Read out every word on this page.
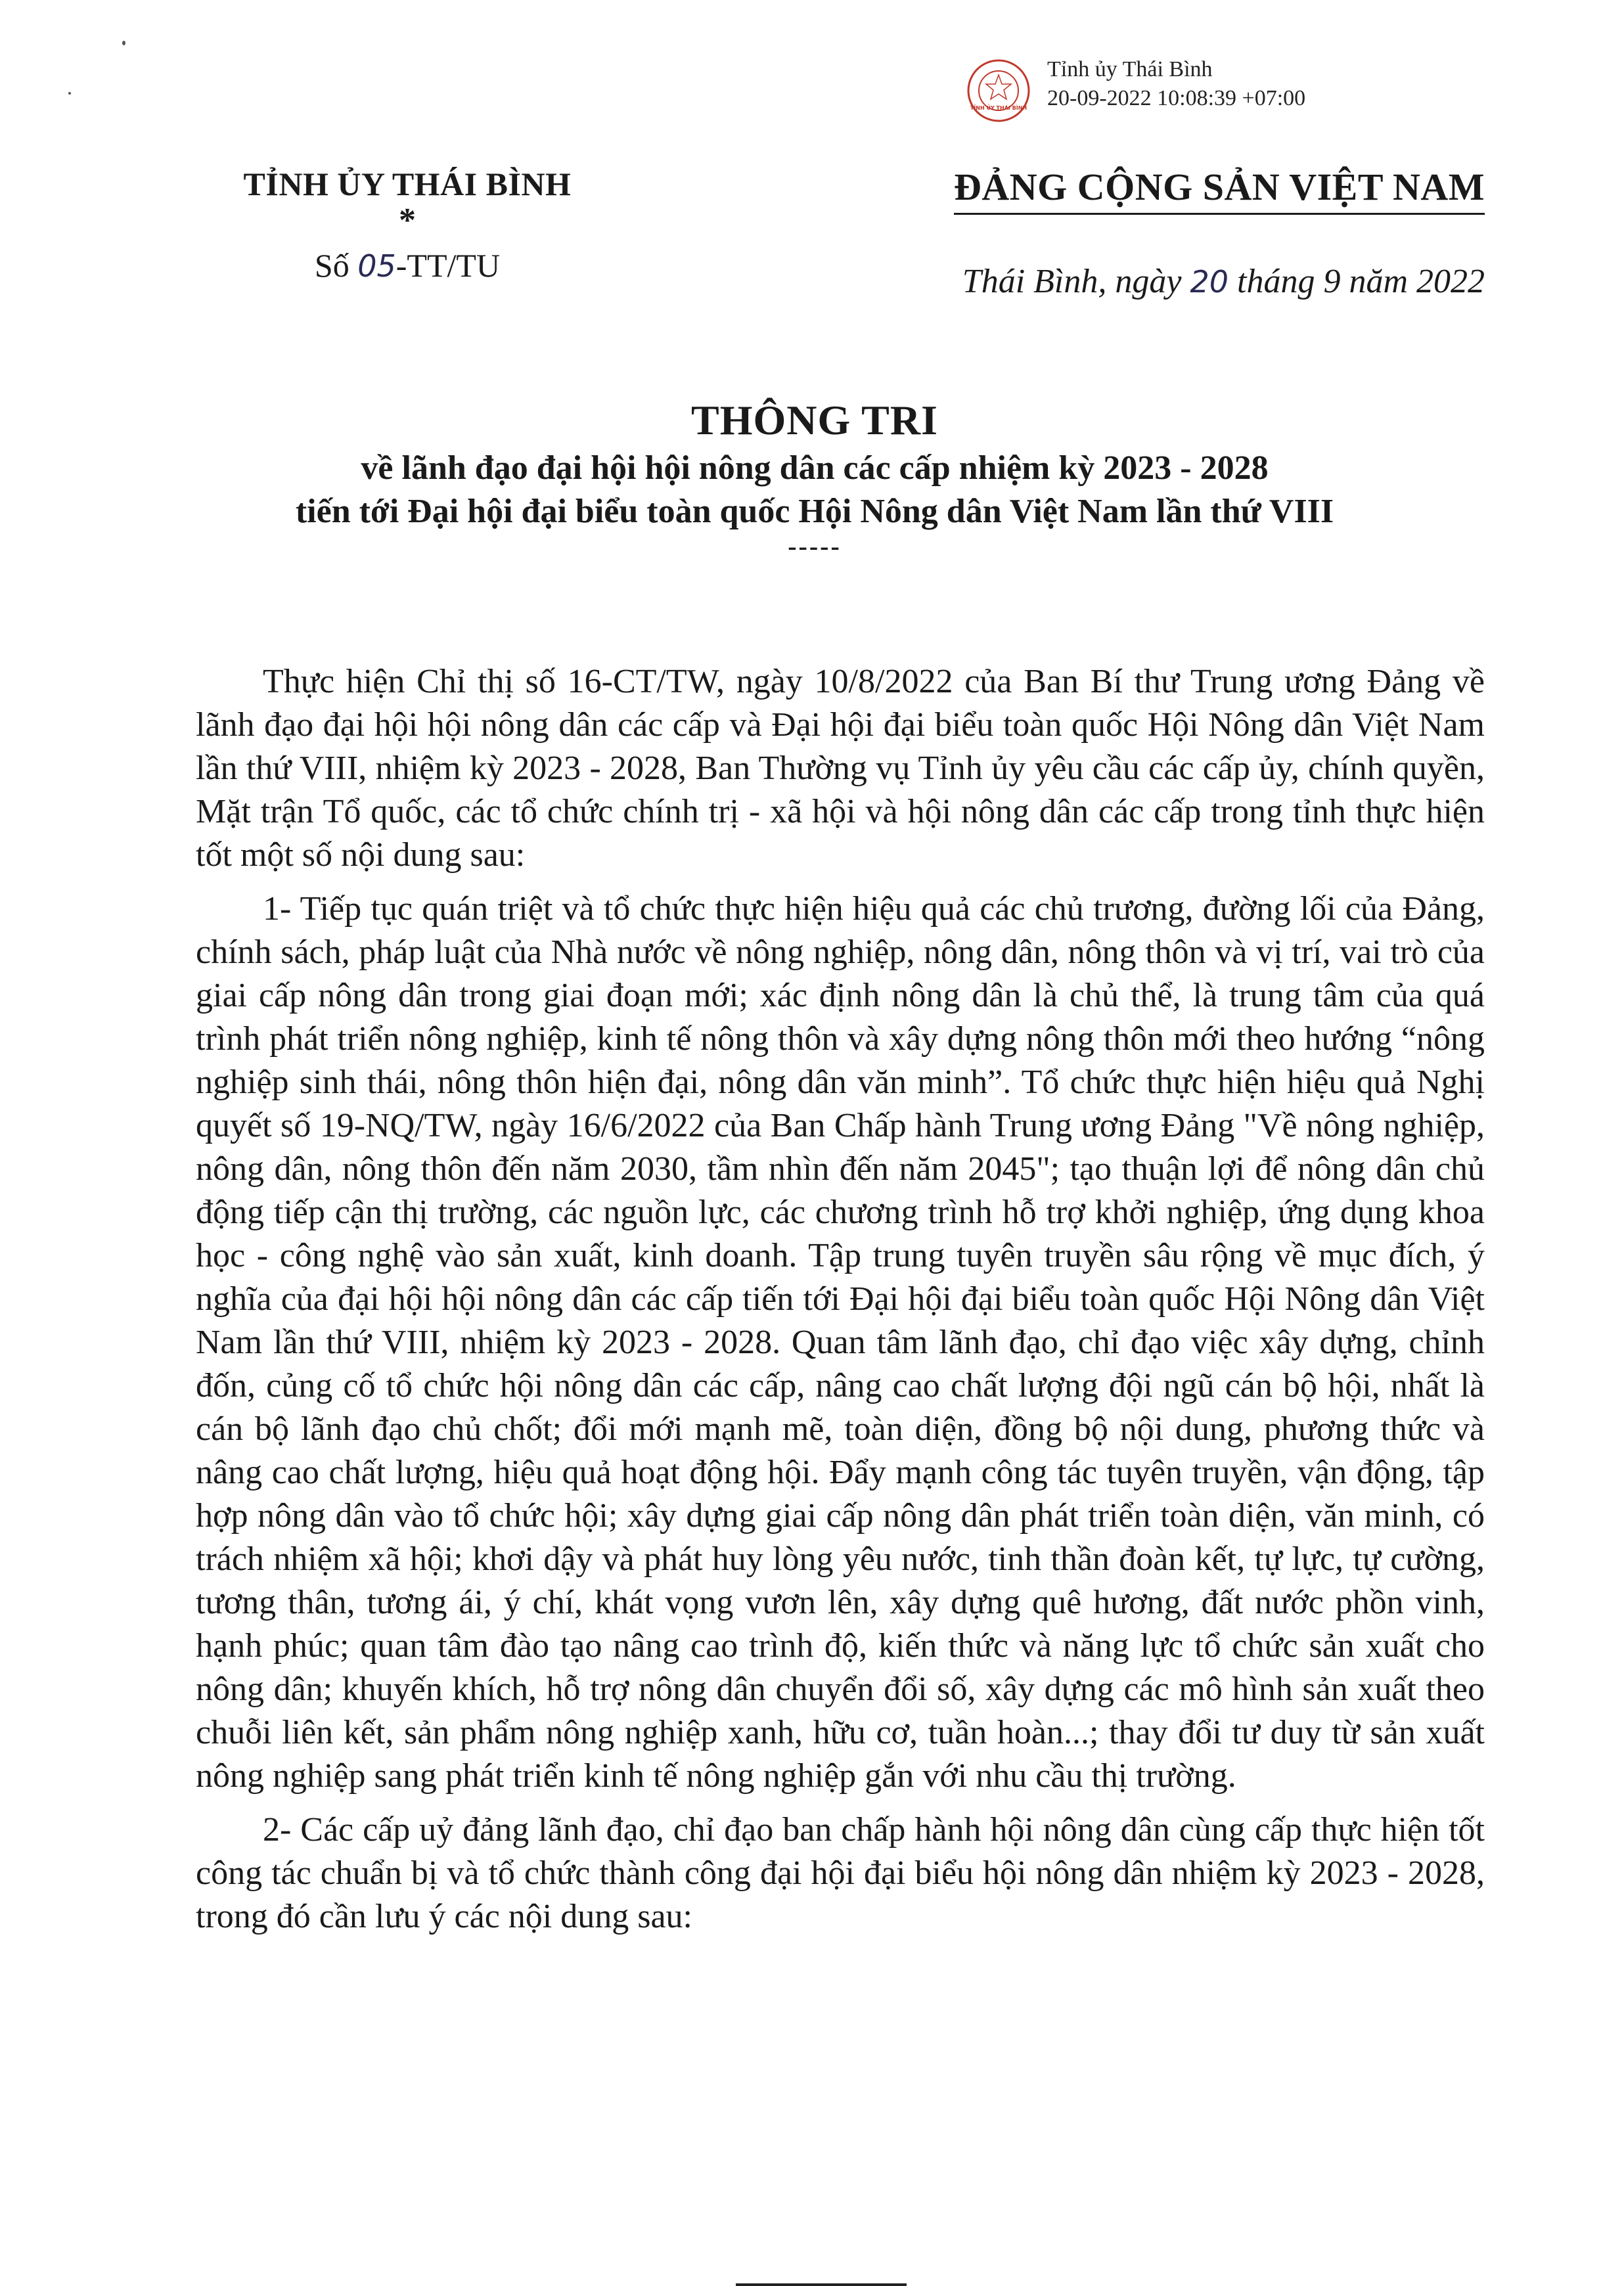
TỈNH ỦY THÁI BÌNH
Tỉnh ủy Thái Bình
20-09-2022 10:08:39 +07:00
TỈNH ỦY THÁI BÌNH
*
Số 05-TT/TU
ĐẢNG CỘNG SẢN VIỆT NAM
Thái Bình, ngày 20 tháng 9 năm 2022
THÔNG TRI
về lãnh đạo đại hội hội nông dân các cấp nhiệm kỳ 2023 - 2028
tiến tới Đại hội đại biểu toàn quốc Hội Nông dân Việt Nam lần thứ VIII
-----

Thực hiện Chỉ thị số 16-CT/TW, ngày 10/8/2022 của Ban Bí thư Trung ương Đảng về lãnh đạo đại hội hội nông dân các cấp và Đại hội đại biểu toàn quốc Hội Nông dân Việt Nam lần thứ VIII, nhiệm kỳ 2023 - 2028, Ban Thường vụ Tỉnh ủy yêu cầu các cấp ủy, chính quyền, Mặt trận Tổ quốc, các tổ chức chính trị - xã hội và hội nông dân các cấp trong tỉnh thực hiện tốt một số nội dung sau:

1- Tiếp tục quán triệt và tổ chức thực hiện hiệu quả các chủ trương, đường lối của Đảng, chính sách, pháp luật của Nhà nước về nông nghiệp, nông dân, nông thôn và vị trí, vai trò của giai cấp nông dân trong giai đoạn mới; xác định nông dân là chủ thể, là trung tâm của quá trình phát triển nông nghiệp, kinh tế nông thôn và xây dựng nông thôn mới theo hướng “nông nghiệp sinh thái, nông thôn hiện đại, nông dân văn minh”. Tổ chức thực hiện hiệu quả Nghị quyết số 19-NQ/TW, ngày 16/6/2022 của Ban Chấp hành Trung ương Đảng "Về nông nghiệp, nông dân, nông thôn đến năm 2030, tầm nhìn đến năm 2045"; tạo thuận lợi để nông dân chủ động tiếp cận thị trường, các nguồn lực, các chương trình hỗ trợ khởi nghiệp, ứng dụng khoa học - công nghệ vào sản xuất, kinh doanh. Tập trung tuyên truyền sâu rộng về mục đích, ý nghĩa của đại hội hội nông dân các cấp tiến tới Đại hội đại biểu toàn quốc Hội Nông dân Việt Nam lần thứ VIII, nhiệm kỳ 2023 - 2028. Quan tâm lãnh đạo, chỉ đạo việc xây dựng, chỉnh đốn, củng cố tổ chức hội nông dân các cấp, nâng cao chất lượng đội ngũ cán bộ hội, nhất là cán bộ lãnh đạo chủ chốt; đổi mới mạnh mẽ, toàn diện, đồng bộ nội dung, phương thức và nâng cao chất lượng, hiệu quả hoạt động hội. Đẩy mạnh công tác tuyên truyền, vận động, tập hợp nông dân vào tổ chức hội; xây dựng giai cấp nông dân phát triển toàn diện, văn minh, có trách nhiệm xã hội; khơi dậy và phát huy lòng yêu nước, tinh thần đoàn kết, tự lực, tự cường, tương thân, tương ái, ý chí, khát vọng vươn lên, xây dựng quê hương, đất nước phồn vinh, hạnh phúc; quan tâm đào tạo nâng cao trình độ, kiến thức và năng lực tổ chức sản xuất cho nông dân; khuyến khích, hỗ trợ nông dân chuyển đổi số, xây dựng các mô hình sản xuất theo chuỗi liên kết, sản phẩm nông nghiệp xanh, hữu cơ, tuần hoàn...; thay đổi tư duy từ sản xuất nông nghiệp sang phát triển kinh tế nông nghiệp gắn với nhu cầu thị trường.

2- Các cấp uỷ đảng lãnh đạo, chỉ đạo ban chấp hành hội nông dân cùng cấp thực hiện tốt công tác chuẩn bị và tổ chức thành công đại hội đại biểu hội nông dân nhiệm kỳ 2023 - 2028, trong đó cần lưu ý các nội dung sau:
